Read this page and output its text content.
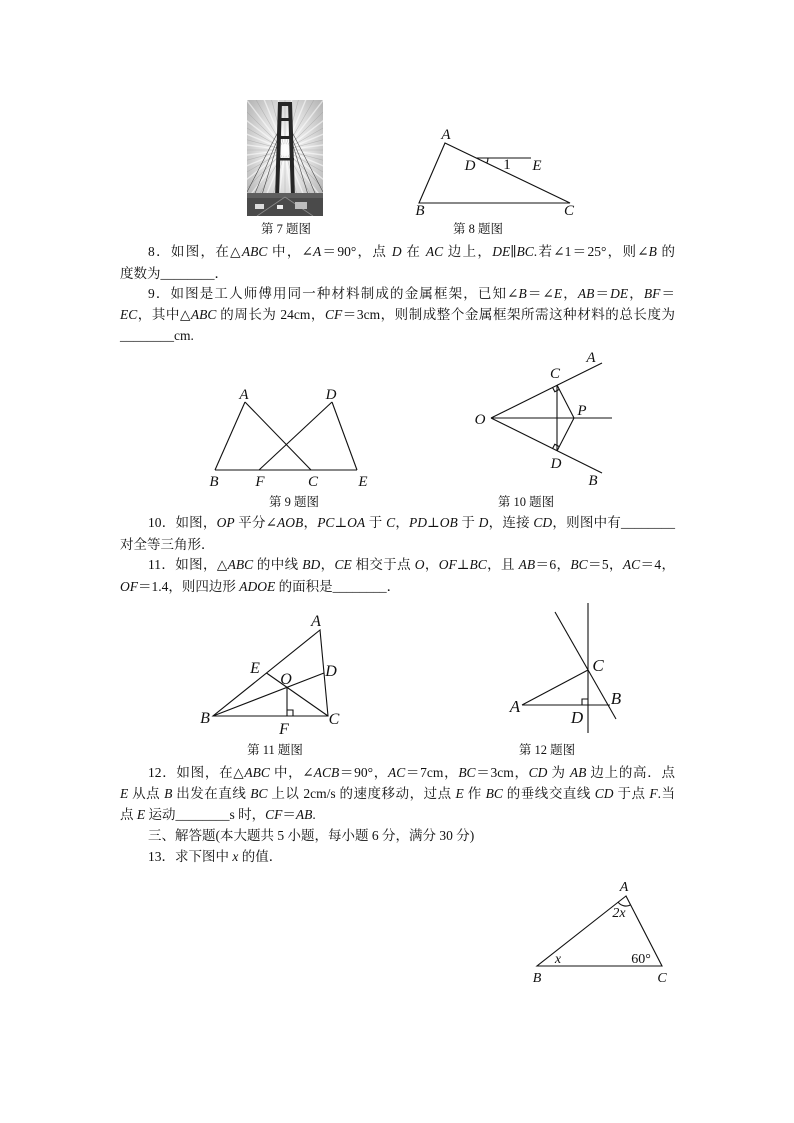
第 7 题图	第 8 题图
第 9 题图	第 10 题图
第 11 题图	第 12 题图
8．如图，在△ABC 中，∠A＝90°，点 D 在 AC 边上，DE∥BC.若∠1＝25°，则∠B 的
度数为________．
9．如图是工人师傅用同一种材料制成的金属框架，已知∠B＝∠E，AB＝DE，BF＝
EC，其中△ABC 的周长为 24cm，CF＝3cm，则制成整个金属框架所需这种材料的总长度为
________cm.
10．如图，OP 平分∠AOB，PC⊥OA 于 C，PD⊥OB 于 D，连接 CD，则图中有________
对全等三角形．
11．如图，△ABC 的中线 BD，CE 相交于点 O，OF⊥BC，且 AB＝6，BC＝5，AC＝4，
OF＝1.4，则四边形 ADOE 的面积是________．
12．如图，在△ABC 中，∠ACB＝90°，AC＝7cm，BC＝3cm，CD 为 AB 边上的高．点
E 从点 B 出发在直线 BC 上以 2cm/s 的速度移动，过点 E 作 BC 的垂线交直线 CD 于点 F.当
点 E 运动________s 时，CF＝AB.
三、解答题(本大题共 5 小题，每小题 6 分，满分 30 分)
13．求下图中 x 的值．
A
D 1 E
B	C
A	D
B F	C	E
O
A
B
C
D
P
A
E
O D
B
F
C
C
B
A
D
A
B	C
2x
x	60°
